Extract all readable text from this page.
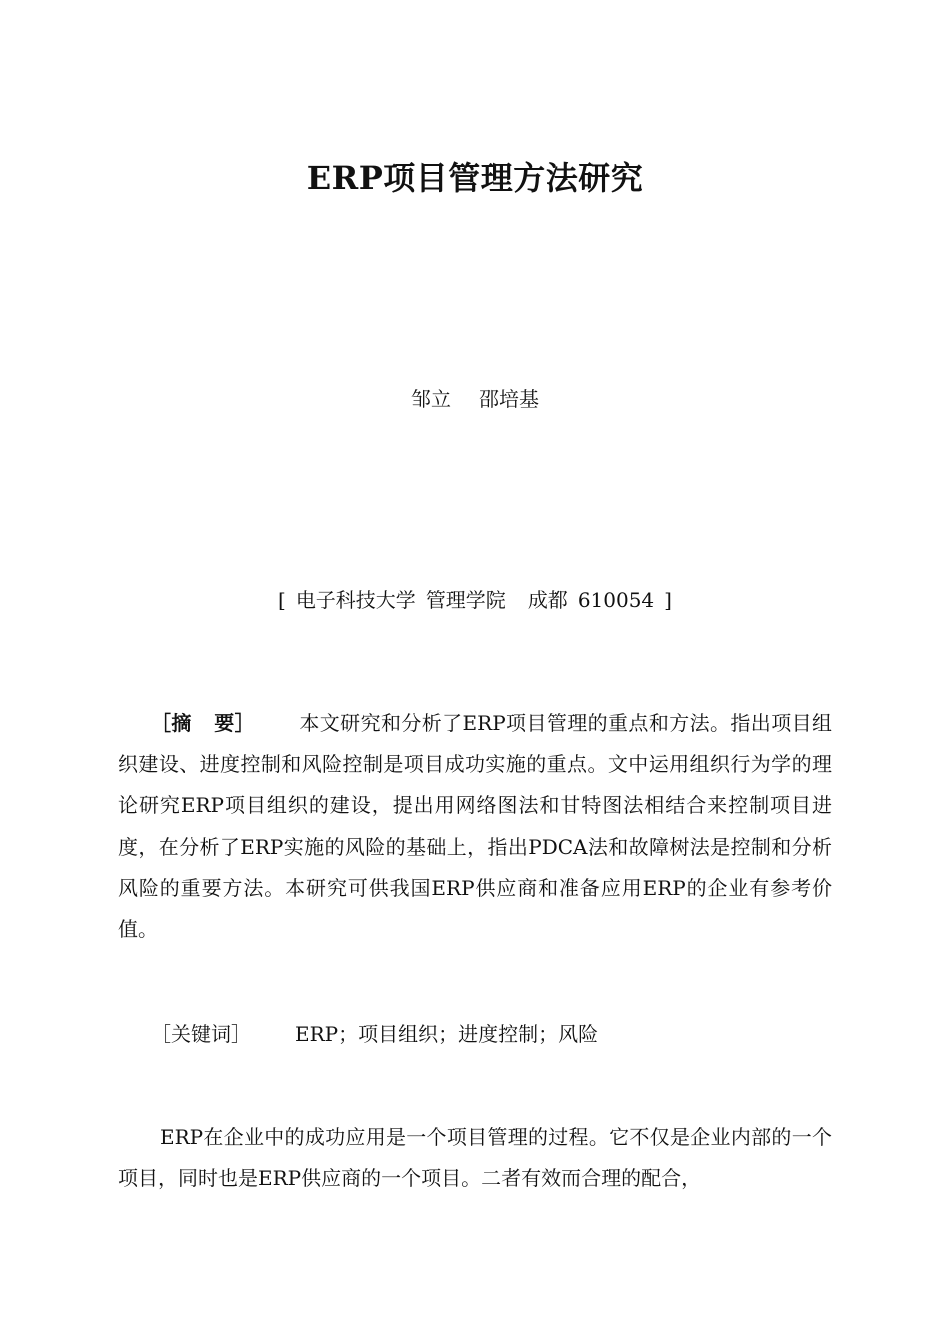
ERP项目管理方法研究
邹立 邵培基
[ 电子科技大学 管理学院 成都 610054 ]
［摘 要］ 本文研究和分析了ERP项目管理的重点和方法。指出项目组织建设、进度控制和风险控制是项目成功实施的重点。文中运用组织行为学的理论研究ERP项目组织的建设，提出用网络图法和甘特图法相结合来控制项目进度，在分析了ERP实施的风险的基础上，指出PDCA法和故障树法是控制和分析风险的重要方法。本研究可供我国ERP供应商和准备应用ERP的企业有参考价值。
［关键词］ ERP；项目组织；进度控制；风险
ERP在企业中的成功应用是一个项目管理的过程。它不仅是企业内部的一个项目，同时也是ERP供应商的一个项目。二者有效而合理的配合，
